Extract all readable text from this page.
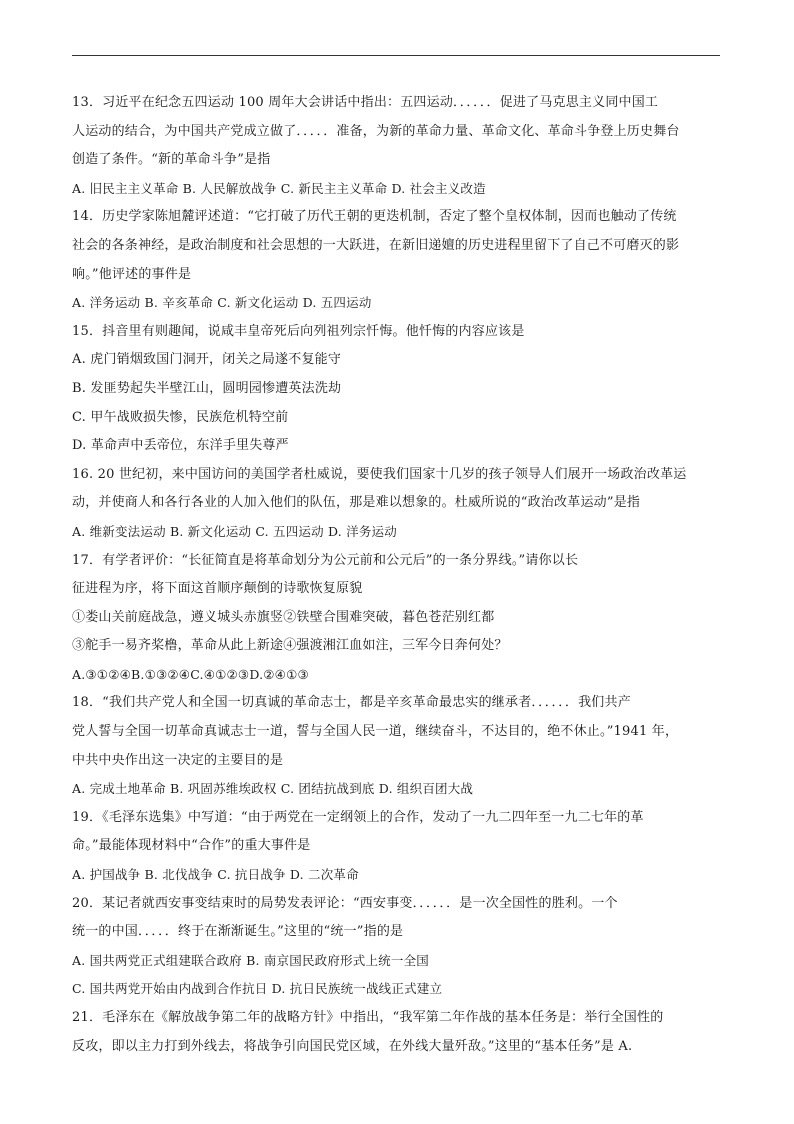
13．习近平在纪念五四运动 100 周年大会讲话中指出：五四运动．．．．．．促进了马克思主义同中国工
人运动的结合，为中国共产党成立做了．．．．．准备，为新的革命力量、革命文化、革命斗争登上历史舞台
创造了条件。“新的革命斗争”是指
A. 旧民主主义革命 B. 人民解放战争 C. 新民主主义革命 D. 社会主义改造
14．历史学家陈旭麓评述道：“它打破了历代王朝的更迭机制，否定了整个皇权体制，因而也触动了传统
社会的各条神经，是政治制度和社会思想的一大跃进，在新旧递嬗的历史进程里留下了自己不可磨灭的影
响。”他评述的事件是
A. 洋务运动 B. 辛亥革命 C. 新文化运动 D. 五四运动
15．抖音里有则趣闻，说咸丰皇帝死后向列祖列宗忏悔。他忏悔的内容应该是
A. 虎门销烟致国门洞开，闭关之局遂不复能守
B. 发匪势起失半壁江山，圆明园惨遭英法洗劫
C. 甲午战败损失惨，民族危机特空前
D. 革命声中丢帝位，东洋手里失尊严
16. 20 世纪初，来中国访问的美国学者杜威说，要使我们国家十几岁的孩子领导人们展开一场政治改革运
动，并使商人和各行各业的人加入他们的队伍，那是难以想象的。杜威所说的“政治改革运动”是指
A. 维新变法运动 B. 新文化运动 C. 五四运动 D. 洋务运动
17．有学者评价：“长征简直是将革命划分为公元前和公元后”的一条分界线。”请你以长
征进程为序，将下面这首顺序颠倒的诗歌恢复原貌
①娄山关前庭战急，遵义城头赤旗竖②铁壁合围难突破，暮色苍茫别红都
③舵手一易齐桨橹，革命从此上新途④强渡湘江血如注，三军今日奔何处？
A.③①②④B.①③②④C.④①②③D.②④①③
18．“我们共产党人和全国一切真诚的革命志士，都是辛亥革命最忠实的继承者．．．．．．我们共产
党人誓与全国一切革命真诚志士一道，誓与全国人民一道，继续奋斗，不达目的，绝不休止。”1941 年，
中共中央作出这一决定的主要目的是
A. 完成土地革命 B. 巩固苏维埃政权 C. 团结抗战到底 D. 组织百团大战
19．《毛泽东选集》中写道：“由于两党在一定纲领上的合作，发动了一九二四年至一九二七年的革
命。”最能体现材料中“合作”的重大事件是
A. 护国战争 B. 北伐战争 C. 抗日战争 D. 二次革命
20．某记者就西安事变结束时的局势发表评论：“西安事变．．．．．．是一次全国性的胜利。一个
统一的中国．．．．．终于在渐渐诞生。”这里的“统一”指的是
A. 国共两党正式组建联合政府 B. 南京国民政府形式上统一全国
C. 国共两党开始由内战到合作抗日 D. 抗日民族统一战线正式建立
21．毛泽东在《解放战争第二年的战略方针》中指出，“我军第二年作战的基本任务是：举行全国性的
反攻，即以主力打到外线去，将战争引向国民党区域，在外线大量歼敌。”这里的“基本任务”是 A.
